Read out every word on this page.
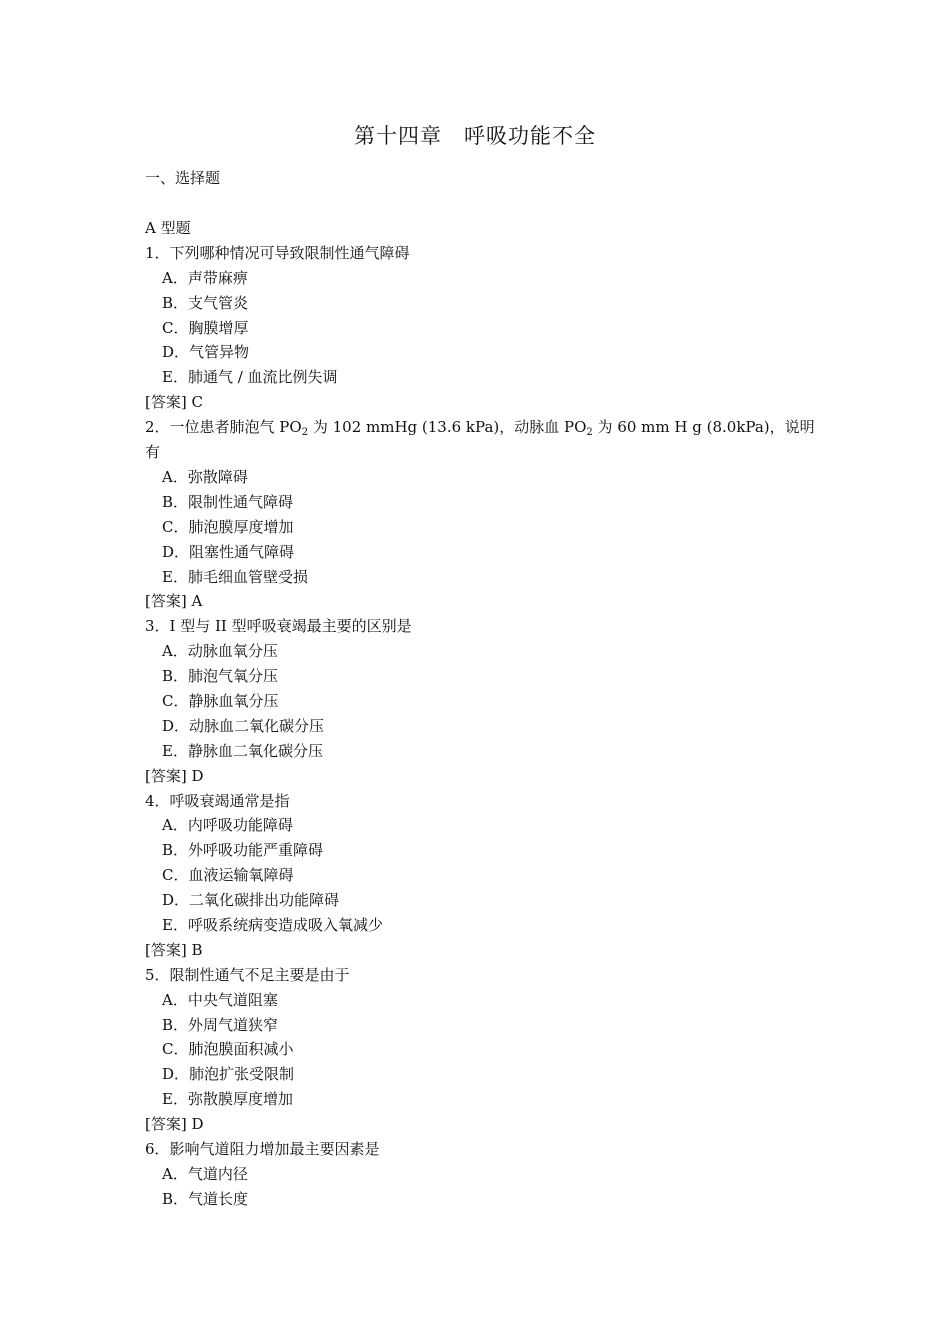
第十四章　呼吸功能不全
一、选择题
A 型题
1．下列哪种情况可导致限制性通气障碍
A．声带麻痹
B．支气管炎
C．胸膜增厚
D．气管异物
E．肺通气 / 血流比例失调
[答案] C
2．一位患者肺泡气 $PO_2$ 为 102 mmHg (13.6 kPa)，动脉血 $PO_2$ 为 60 mm H g (8.0kPa)，说明有
A．弥散障碍
B．限制性通气障碍
C．肺泡膜厚度增加
D．阻塞性通气障碍
E．肺毛细血管壁受损
[答案] A
3．I 型与 II 型呼吸衰竭最主要的区别是
A．动脉血氧分压
B．肺泡气氧分压
C．静脉血氧分压
D．动脉血二氧化碳分压
E．静脉血二氧化碳分压
[答案] D
4．呼吸衰竭通常是指
A．内呼吸功能障碍
B．外呼吸功能严重障碍
C．血液运输氧障碍
D．二氧化碳排出功能障碍
E．呼吸系统病变造成吸入氧减少
[答案] B
5．限制性通气不足主要是由于
A．中央气道阻塞
B．外周气道狭窄
C．肺泡膜面积减小
D．肺泡扩张受限制
E．弥散膜厚度增加
[答案] D
6．影响气道阻力增加最主要因素是
A．气道内径
B．气道长度
